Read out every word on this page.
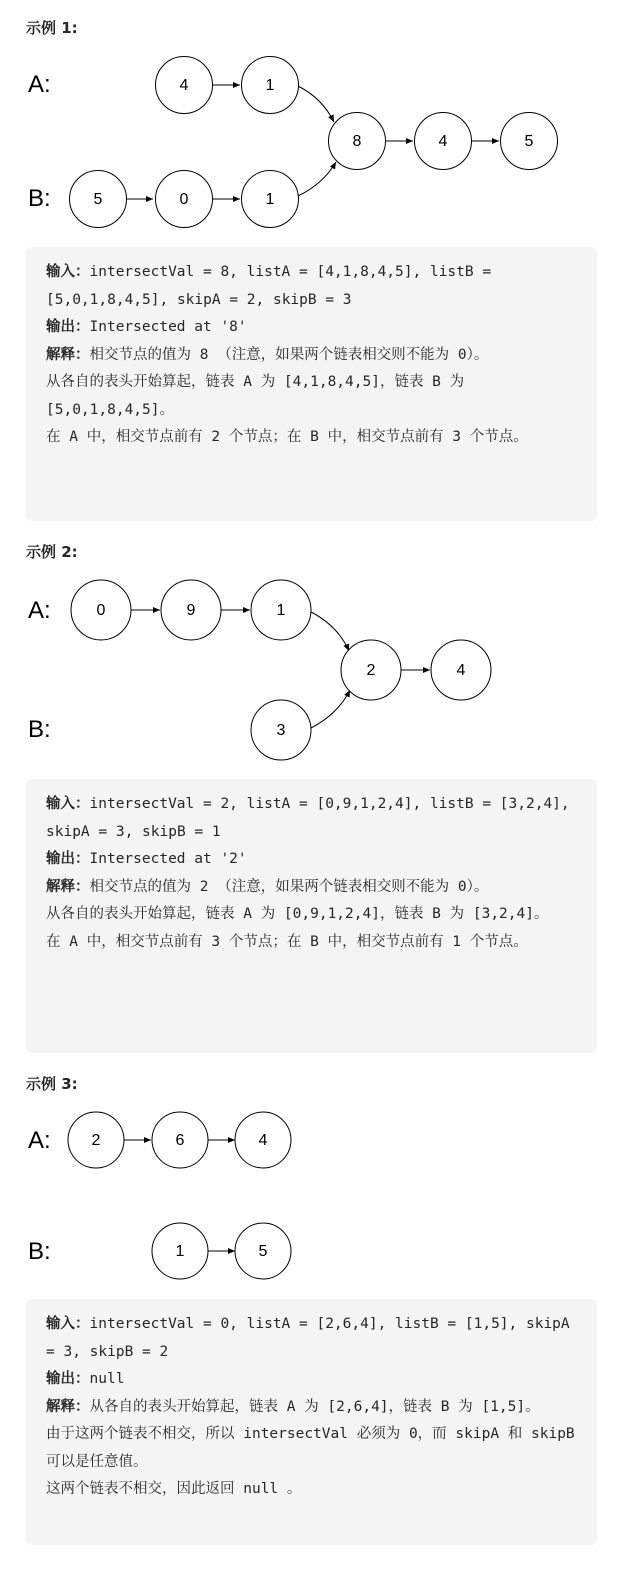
示例 1:
A:
B:
4	1
5	0	1
8	4	5
输入：intersectVal = 8, listA = [4,1,8,4,5], listB = [5,0,1,8,4,5], skipA = 2, skipB = 3
输出：Intersected at '8'
解释：相交节点的值为 8 （注意，如果两个链表相交则不能为 0）。
从各自的表头开始算起，链表 A 为 [4,1,8,4,5]，链表 B 为 [5,0,1,8,4,5]。
在 A 中，相交节点前有 2 个节点；在 B 中，相交节点前有 3 个节点。
示例 2:
A:
B:
0	9	1
3
2	4
输入：intersectVal = 2, listA = [0,9,1,2,4], listB = [3,2,4], skipA = 3, skipB = 1
输出：Intersected at '2'
解释：相交节点的值为 2 （注意，如果两个链表相交则不能为 0）。
从各自的表头开始算起，链表 A 为 [0,9,1,2,4]，链表 B 为 [3,2,4]。
在 A 中，相交节点前有 3 个节点；在 B 中，相交节点前有 1 个节点。
示例 3:
A:
B:
2	6	4
1	5
输入：intersectVal = 0, listA = [2,6,4], listB = [1,5], skipA = 3, skipB = 2
输出：null
解释：从各自的表头开始算起，链表 A 为 [2,6,4]，链表 B 为 [1,5]。
由于这两个链表不相交，所以 intersectVal 必须为 0，而 skipA 和 skipB 可以是任意值。
这两个链表不相交，因此返回 null 。
